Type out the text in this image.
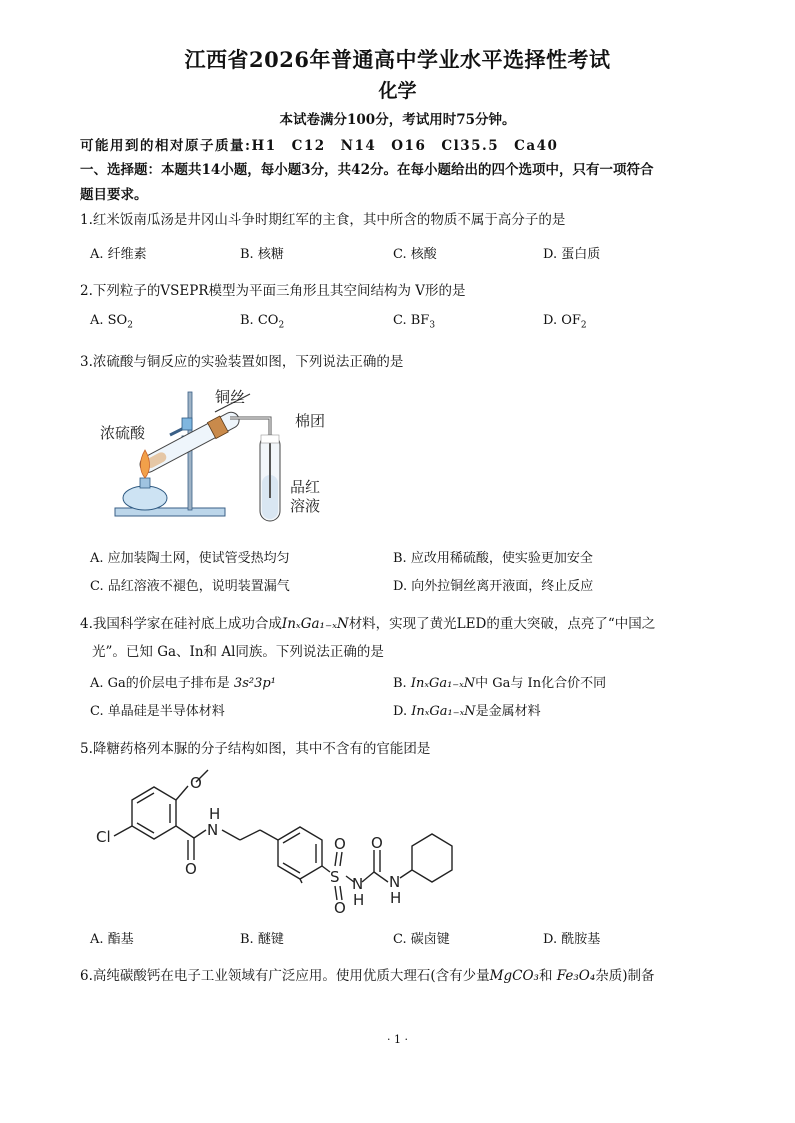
江西省2026年普通高中学业水平选择性考试
化学
本试卷满分100分，考试用时75分钟。
可能用到的相对原子质量:H1　C12　N14　O16　Cl35.5　Ca40
一、选择题：本题共14小题，每小题3分，共42分。在每小题给出的四个选项中，只有一项符合
题目要求。
1.红米饭南瓜汤是井冈山斗争时期红军的主食，其中所含的物质不属于高分子的是
A. 纤维素	B. 核糖	C. 核酸	D. 蛋白质
2.下列粒子的VSEPR模型为平面三角形且其空间结构为 V形的是
A. $SO_2$	B. $CO_2$	C. $BF_3$	D. $OF_2$
3.浓硫酸与铜反应的实验装置如图，下列说法正确的是
铜丝
浓硫酸
棉团
品红
溶液
A. 应加装陶土网，使试管受热均匀	B. 应改用稀硫酸，使实验更加安全
C. 品红溶液不褪色，说明装置漏气	D. 向外拉铜丝离开液面，终止反应
4.我国科学家在硅衬底上成功合成InₓGa₁₋ₓN材料，实现了黄光LED的重大突破，点亮了“中国之
光”。已知 Ga、In和 Al同族。下列说法正确的是
A. Ga的价层电子排布是 3s²3p¹	B. InₓGa₁₋ₓN中 Ga与 In化合价不同
C. 单晶硅是半导体材料	D. InₓGa₁₋ₓN是金属材料
5.降糖药格列本脲的分子结构如图，其中不含有的官能团是
O
Cl
O
N
H
S
O
O
N
H
O
N
H
A. 酯基	B. 醚键	C. 碳卤键	D. 酰胺基
6.高纯碳酸钙在电子工业领域有广泛应用。使用优质大理石(含有少量MgCO₃和 Fe₃O₄杂质)制备
· 1 ·
